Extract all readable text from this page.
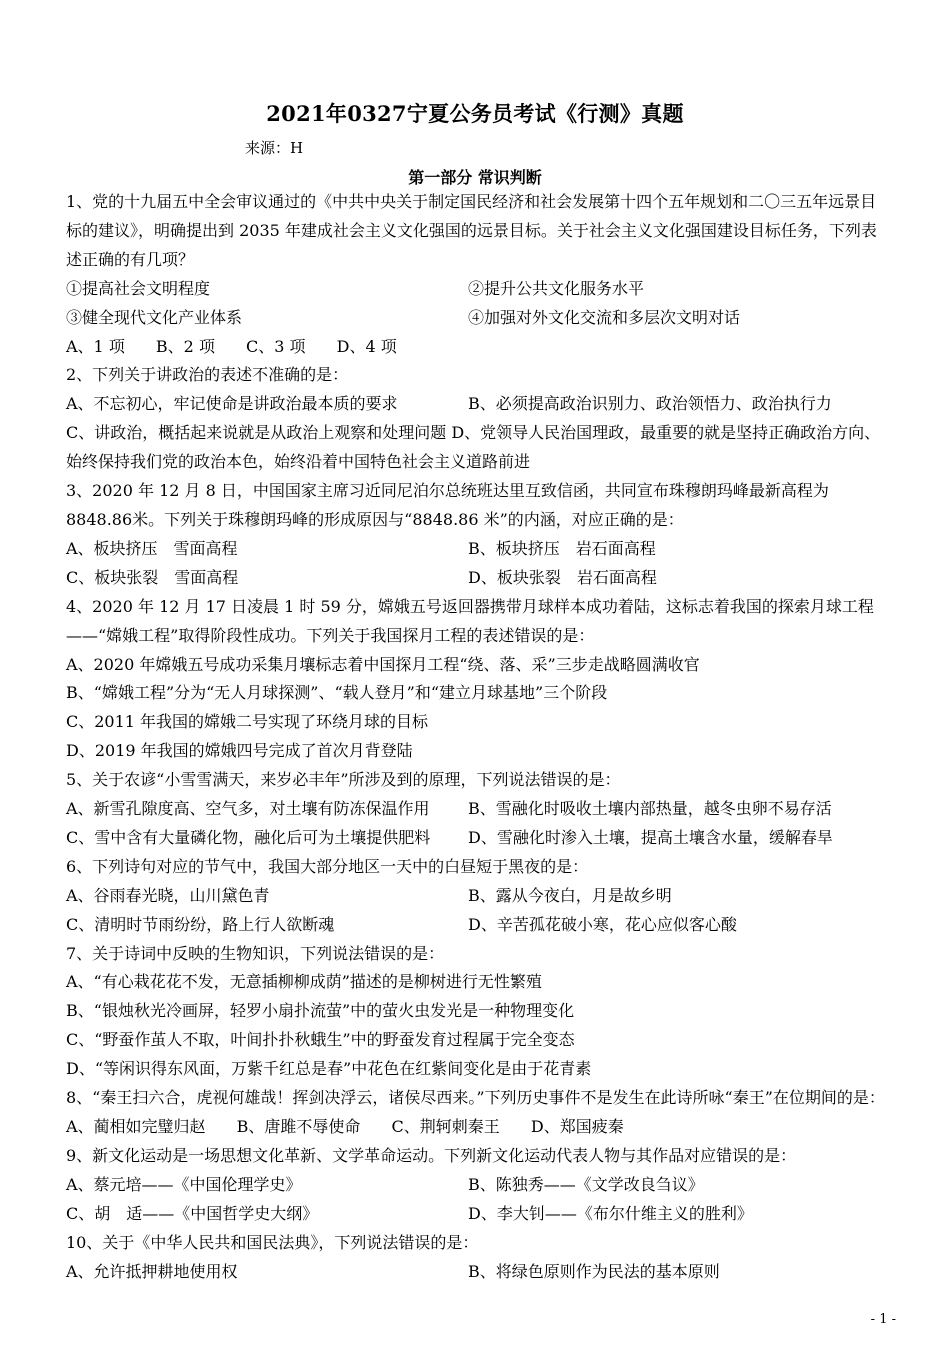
2021年0327宁夏公务员考试《行测》真题
来源：H
第一部分 常识判断

1、党的十九届五中全会审议通过的《中共中央关于制定国民经济和社会发展第十四个五年规划和二〇三五年远景目标的建议》，明确提出到 2035 年建成社会主义文化强国的远景目标。关于社会主义文化强国建设目标任务，下列表述正确的有几项？

①提高社会文明程度	②提升公共文化服务水平
③健全现代文化产业体系	④加强对外文化交流和多层次文明对话
A、1 项 B、2 项 C、3 项 D、4 项

2、下列关于讲政治的表述不准确的是：

A、不忘初心，牢记使命是讲政治最本质的要求	B、必须提高政治识别力、政治领悟力、政治执行力

C、讲政治，概括起来说就是从政治上观察和处理问题 D、党领导人民治国理政，最重要的就是坚持正确政治方向、始终保持我们党的政治本色，始终沿着中国特色社会主义道路前进

3、2020 年 12 月 8 日，中国国家主席习近同尼泊尔总统班达里互致信函，共同宣布珠穆朗玛峰最新高程为 8848.86米。下列关于珠穆朗玛峰的形成原因与“8848.86 米”的内涵，对应正确的是：

A、板块挤压　雪面高程	B、板块挤压　岩石面高程
C、板块张裂　雪面高程	D、板块张裂　岩石面高程

4、2020 年 12 月 17 日凌晨 1 时 59 分，嫦娥五号返回器携带月球样本成功着陆，这标志着我国的探索月球工程——“嫦娥工程”取得阶段性成功。下列关于我国探月工程的表述错误的是：

A、2020 年嫦娥五号成功采集月壤标志着中国探月工程“绕、落、采”三步走战略圆满收官

B、“嫦娥工程”分为“无人月球探测”、“载人登月”和“建立月球基地”三个阶段

C、2011 年我国的嫦娥二号实现了环绕月球的目标

D、2019 年我国的嫦娥四号完成了首次月背登陆

5、关于农谚“小雪雪满天，来岁必丰年”所涉及到的原理，下列说法错误的是：

A、新雪孔隙度高、空气多，对土壤有防冻保温作用	B、雪融化时吸收土壤内部热量，越冬虫卵不易存活
C、雪中含有大量磷化物，融化后可为土壤提供肥料	D、雪融化时渗入土壤，提高土壤含水量，缓解春旱

6、下列诗句对应的节气中，我国大部分地区一天中的白昼短于黑夜的是：

A、谷雨春光晓，山川黛色青	B、露从今夜白，月是故乡明
C、清明时节雨纷纷，路上行人欲断魂	D、辛苦孤花破小寒，花心应似客心酸

7、关于诗词中反映的生物知识，下列说法错误的是：

A、“有心栽花花不发，无意插柳柳成荫”描述的是柳树进行无性繁殖

B、“银烛秋光冷画屏，轻罗小扇扑流萤”中的萤火虫发光是一种物理变化

C、“野蚕作茧人不取，叶间扑扑秋蛾生”中的野蚕发育过程属于完全变态

D、“等闲识得东风面，万紫千红总是春”中花色在红紫间变化是由于花青素

8、“秦王扫六合，虎视何雄哉！挥剑决浮云，诸侯尽西来。”下列历史事件不是发生在此诗所咏“秦王”在位期间的是：

A、蔺相如完璧归赵 B、唐雎不辱使命 C、荆轲刺秦王 D、郑国疲秦

9、新文化运动是一场思想文化革新、文学革命运动。下列新文化运动代表人物与其作品对应错误的是：

A、蔡元培——《中国伦理学史》	B、陈独秀——《文学改良刍议》
C、胡　适——《中国哲学史大纲》	D、李大钊——《布尔什维主义的胜利》

10、关于《中华人民共和国民法典》，下列说法错误的是：

A、允许抵押耕地使用权	B、将绿色原则作为民法的基本原则
- 1 -
